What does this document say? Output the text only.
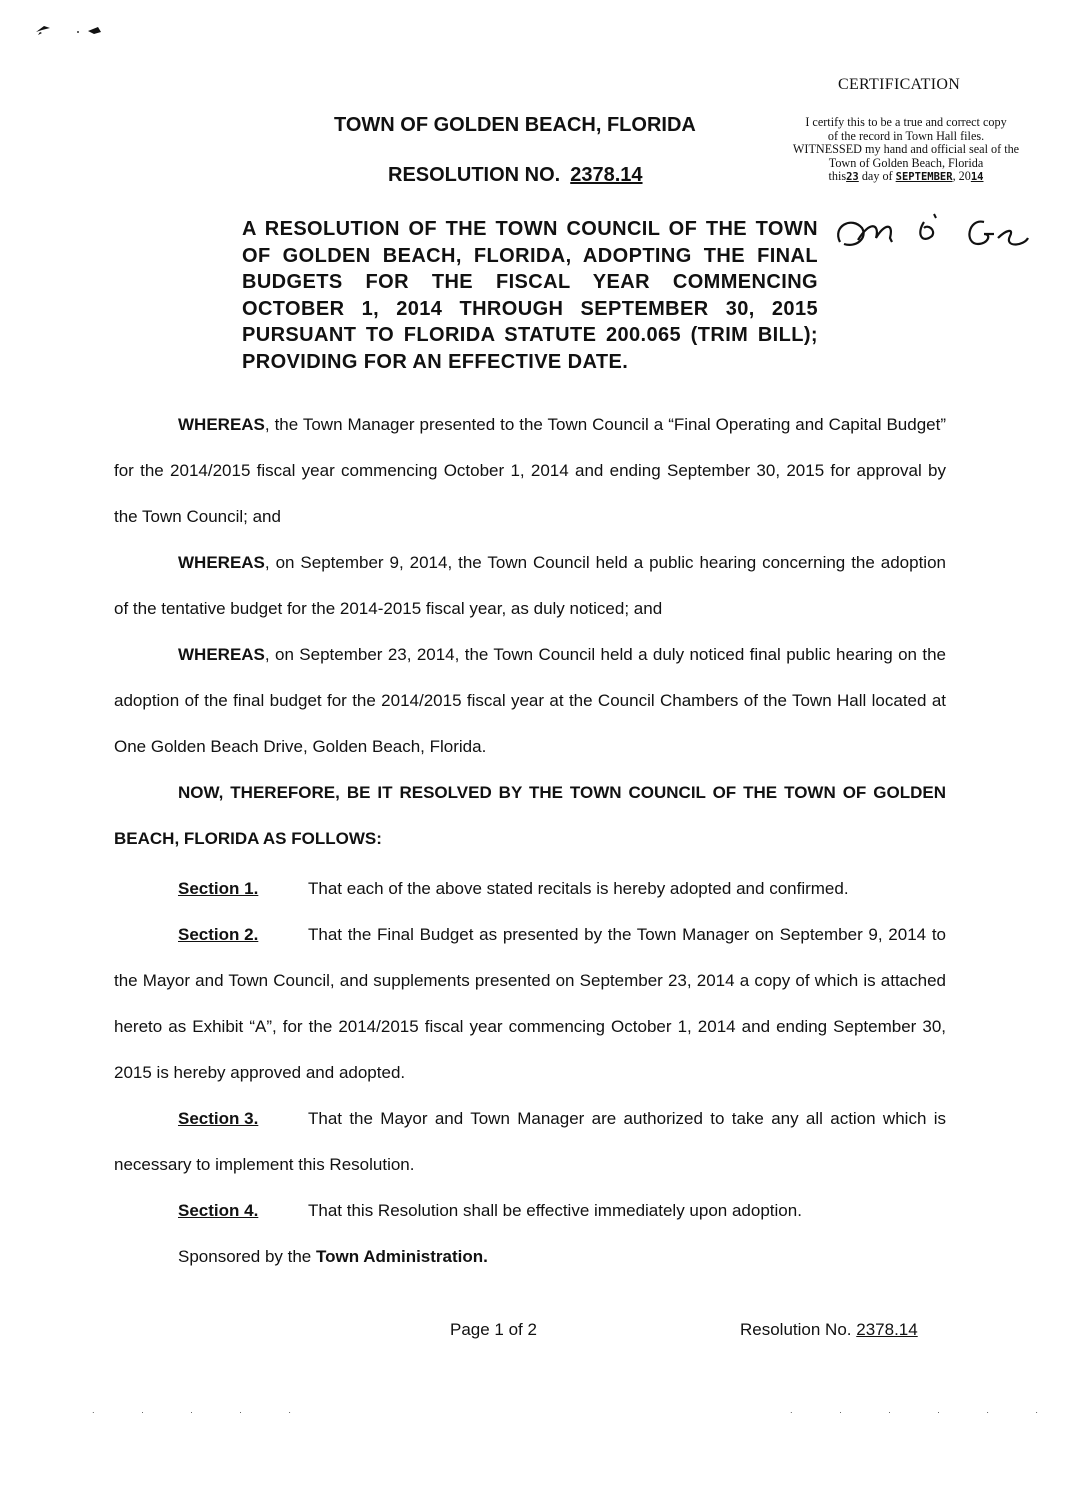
CERTIFICATION
I certify this to be a true and correct copy
of the record in Town Hall files.
WITNESSED my hand and official seal of the
Town of Golden Beach, Florida
this23 day of SEPTEMBER, 2014
TOWN OF GOLDEN BEACH, FLORIDA
RESOLUTION NO. 2378.14
A RESOLUTION OF THE TOWN COUNCIL OF THE TOWN OF GOLDEN BEACH, FLORIDA, ADOPTING THE FINAL BUDGETS FOR THE FISCAL YEAR COMMENCING OCTOBER 1, 2014 THROUGH SEPTEMBER 30, 2015 PURSUANT TO FLORIDA STATUTE 200.065 (TRIM BILL); PROVIDING FOR AN EFFECTIVE DATE.
WHEREAS, the Town Manager presented to the Town Council a “Final Operating and Capital Budget” for the 2014/2015 fiscal year commencing October 1, 2014 and ending September 30, 2015 for approval by the Town Council; and
WHEREAS, on September 9, 2014, the Town Council held a public hearing concerning the adoption of the tentative budget for the 2014-2015 fiscal year, as duly noticed; and
WHEREAS, on September 23, 2014, the Town Council held a duly noticed final public hearing on the adoption of the final budget for the 2014/2015 fiscal year at the Council Chambers of the Town Hall located at One Golden Beach Drive, Golden Beach, Florida.
NOW, THEREFORE, BE IT RESOLVED BY THE TOWN COUNCIL OF THE TOWN OF GOLDEN BEACH, FLORIDA AS FOLLOWS:
Section 1.	That each of the above stated recitals is hereby adopted and confirmed.
Section 2.	That the Final Budget as presented by the Town Manager on September 9, 2014 to the Mayor and Town Council, and supplements presented on September 23, 2014 a copy of which is attached hereto as Exhibit “A”, for the 2014/2015 fiscal year commencing October 1, 2014 and ending September 30, 2015 is hereby approved and adopted.
Section 3.	That the Mayor and Town Manager are authorized to take any all action which is necessary to implement this Resolution.
Section 4.	That this Resolution shall be effective immediately upon adoption.
Sponsored by the Town Administration.
Page 1 of 2	Resolution No. 2378.14
. . . . .	. . . . . .
